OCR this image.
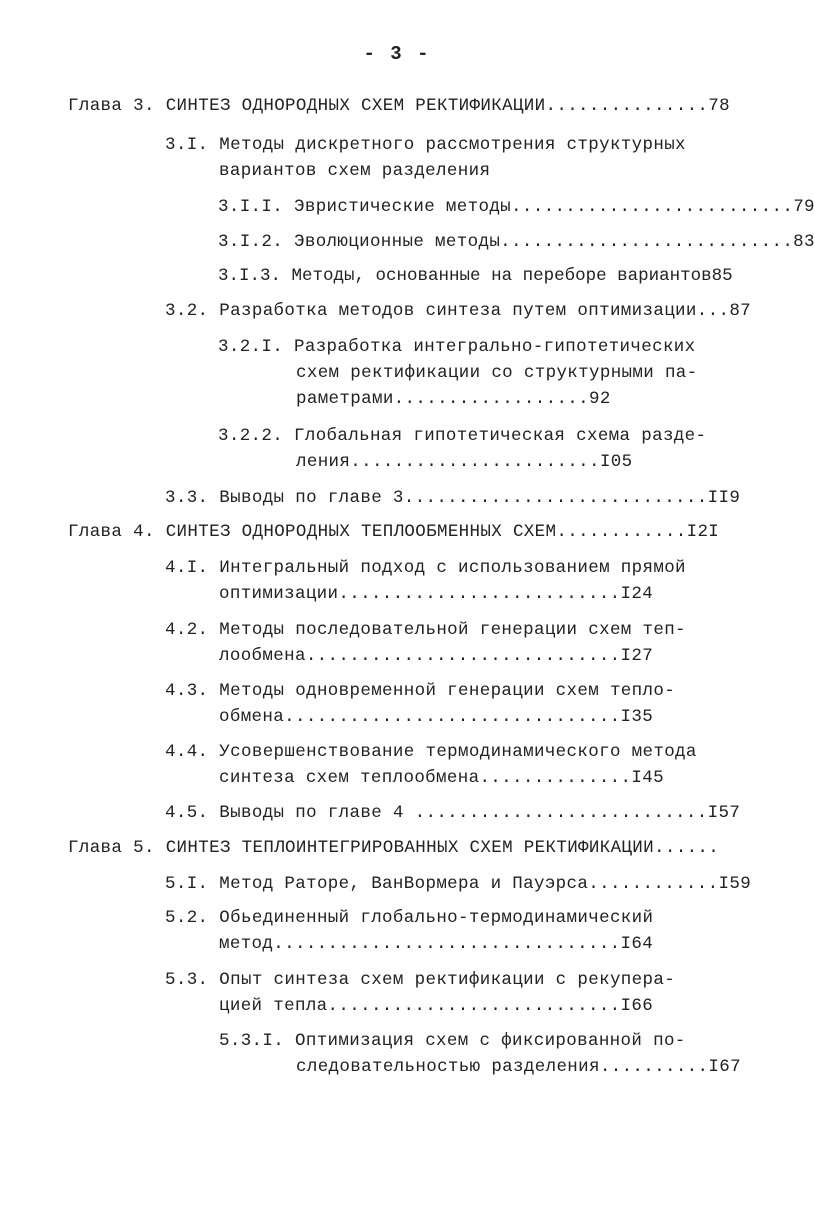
- 3 -
Глава 3. СИНТЕЗ ОДНОРОДНЫХ СХЕМ РЕКТИФИКАЦИИ...............78
3.I. Методы дискретного рассмотрения структурных
вариантов схем разделения
3.I.I. Эвристические методы..........................79
3.I.2. Эволюционные методы...........................83
3.I.3. Методы, основанные на переборе вариантов85
3.2. Разработка методов синтеза путем оптимизации...87
3.2.I. Разработка интегрально-гипотетических
схем ректификации со структурными па-
раметрами..................92
3.2.2. Глобальная гипотетическая схема разде-
ления.......................I05
3.3. Выводы по главе 3............................II9
Глава 4. СИНТЕЗ ОДНОРОДНЫХ ТЕПЛООБМЕННЫХ СХЕМ............I2I
4.I. Интегральный подход с использованием прямой
оптимизации..........................I24
4.2. Методы последовательной генерации схем теп-
лообмена.............................I27
4.3. Методы одновременной генерации схем тепло-
обмена...............................I35
4.4. Усовершенствование термодинамического метода
синтеза схем теплообмена..............I45
4.5. Выводы по главе 4 ...........................I57
Глава 5. СИНТЕЗ ТЕПЛОИНТЕГРИРОВАННЫХ СХЕМ РЕКТИФИКАЦИИ......
5.I. Метод Раторе, ВанВормера и Пауэрса............I59
5.2. Обьединенный глобально-термодинамический
метод................................I64
5.3. Опыт синтеза схем ректификации с рекупера-
цией тепла...........................I66
5.3.I. Оптимизация схем с фиксированной по-
следовательностью разделения..........I67
